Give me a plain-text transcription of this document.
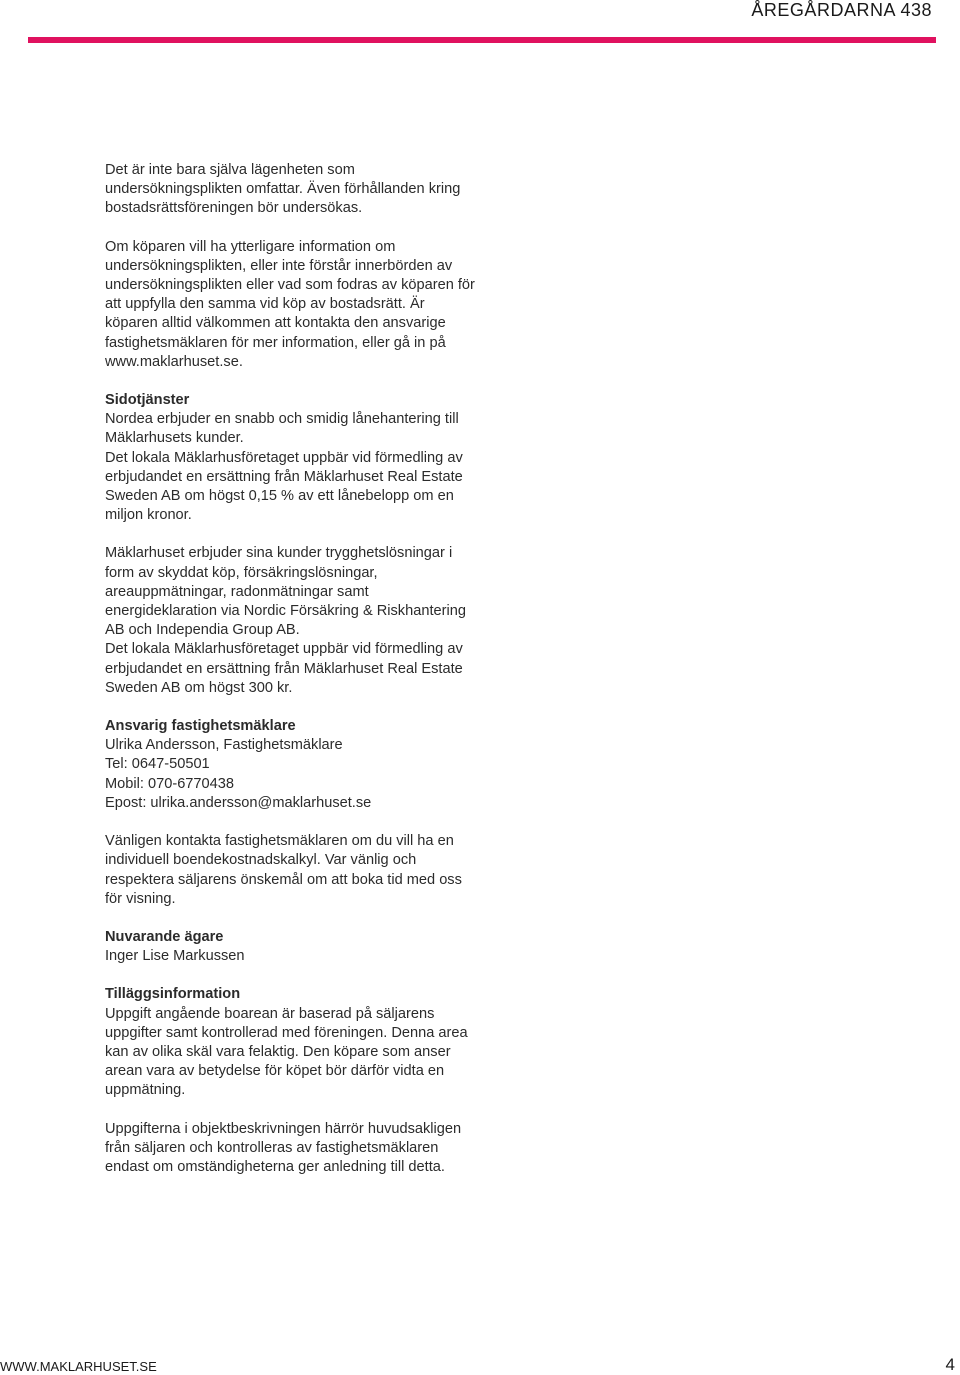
ÅREGÅRDARNA 438

Det är inte bara själva lägenheten som undersökningsplikten omfattar. Även förhållanden kring bostadsrättsföreningen bör undersökas.

Om köparen vill ha ytterligare information om undersökningsplikten, eller inte förstår innerbörden av undersökningsplikten eller vad som fodras av köparen för att uppfylla den samma vid köp av bostadsrätt. Är köparen alltid välkommen att kontakta den ansvarige fastighetsmäklaren för mer information, eller gå in på www.maklarhuset.se.

Sidotjänster
Nordea erbjuder en snabb och smidig lånehantering till Mäklarhusets kunder.

Det lokala Mäklarhusföretaget uppbär vid förmedling av erbjudandet en ersättning från Mäklarhuset Real Estate Sweden AB om högst 0,15 % av ett lånebelopp om en miljon kronor.

Mäklarhuset erbjuder sina kunder trygghetslösningar i form av skyddat köp, försäkringslösningar, areauppmätningar, radonmätningar samt energideklaration via Nordic Försäkring & Riskhantering AB och Independia Group AB.

Det lokala Mäklarhusföretaget uppbär vid förmedling av erbjudandet en ersättning från Mäklarhuset Real Estate Sweden AB om högst 300 kr.

Ansvarig fastighetsmäklare
Ulrika Andersson, Fastighetsmäklare
Tel: 0647-50501
Mobil: 070-6770438
Epost: ulrika.andersson@maklarhuset.se

Vänligen kontakta fastighetsmäklaren om du vill ha en individuell boendekostnadskalkyl. Var vänlig och respektera säljarens önskemål om att boka tid med oss för visning.

Nuvarande ägare
Inger Lise Markussen

Tilläggsinformation
Uppgift angående boarean är baserad på säljarens uppgifter samt kontrollerad med föreningen. Denna area kan av olika skäl vara felaktig. Den köpare som anser arean vara av betydelse för köpet bör därför vidta en uppmätning.

Uppgifterna i objektbeskrivningen härrör huvudsakligen från säljaren och kontrolleras av fastighetsmäklaren endast om omständigheterna ger anledning till detta.

WWW.MAKLARHUSET.SE	4
